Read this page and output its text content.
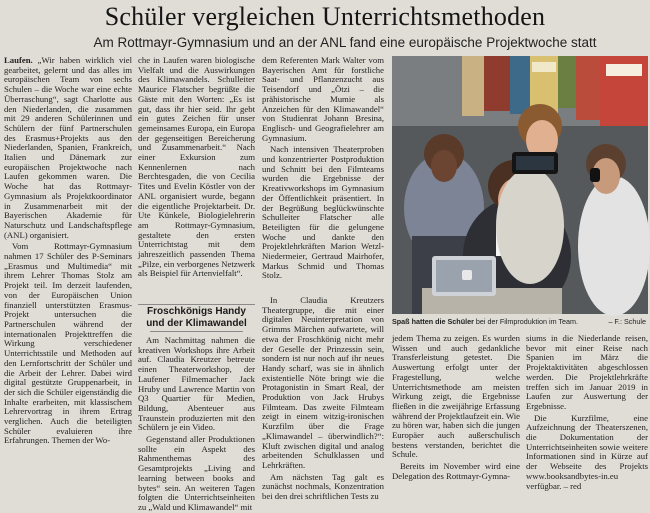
Schüler vergleichen Unterrichtsmethoden
Am Rottmayr-Gymnasium und an der ANL fand eine europäische Projektwoche statt

Laufen. „Wir haben wirklich viel gearbeitet, gelernt und das alles im europäischen Team von sechs Schulen – die Woche war eine echte Überraschung“, sagt Charlotte aus den Niederlanden, die zusammen mit 29 anderen Schülerinnen und Schülern der fünf Partnerschulen des Erasmus+Projekts aus den Niederlanden, Spanien, Frankreich, Italien und Dänemark zur europäischen Projektwoche nach Laufen gekommen waren. Die Woche hat das Rottmayr-Gymnasium als Projektkoordinator in Zusammenarbeit mit der Bayerischen Akademie für Naturschutz und Landschaftspflege (ANL) organisiert.

Vom Rottmayr-Gymnasium nahmen 17 Schüler des P-Seminars „Erasmus und Multimedia“ mit ihrem Lehrer Thomas Stolz am Projekt teil. Im derzeit laufenden, von der Europäischen Union finanziell unterstützten Erasmus-Projekt untersuchen die Partnerschulen während der internationalen Projekttreffen die Wirkung verschiedener Unterrichtsstile und Methoden auf den Lernfortschritt der Schüler und die Arbeit der Lehrer. Dabei wird digital gestützte Gruppenarbeit, in der sich die Schüler eigenständig die Inhalte erarbeiten, mit klassischem Lehrervortrag in ihrem Ertrag verglichen. Auch die beteiligten Schüler evaluieren ihre Erfahrungen. Themen der Wo-

che in Laufen waren biologische Vielfalt und die Auswirkungen des Klimawandels. Schulleiter Maurice Flatscher begrüßte die Gäste mit den Worten: „Es ist gut, dass ihr hier seid. Ihr gebt ein gutes Zeichen für unser gemeinsames Europa, ein Europa der gegenseitigen Bereicherung und Zusammenarbeit.“ Nach einer Exkursion zum Kennenlernen nach Berchtesgaden, die von Cecilia Tites und Evelin Köstler von der ANL organisiert wurde, begann die eigentliche Projektarbeit. Dr. Ute Künkele, Biologielehrerin am Rottmayr-Gymnasium, gestaltete den ersten Unterrichtstag mit dem jahreszeitlich passenden Thema „Pilze, ein verborgenes Netzwerk als Beispiel für Artenvielfalt“.

Froschkönigs Handy und der Klimawandel

Am Nachmittag nahmen die kreativen Workshops ihre Arbeit auf. Claudia Kreutzer betreute einen Theaterworkshop, der Laufener Filmemacher Jack Hruby und Lawrence Martin von Q3 Quartier für Medien, Bildung, Abenteuer aus Traunstein produzierten mit den Schülern je ein Video.

Gegenstand aller Produktionen sollte ein Aspekt des Rahmenthemas des Gesamtprojekts „Living and learning between books and bytes“ sein. An weiteren Tagen folgten die Unterrichtseinheiten zu „Wald und Klimawandel“ mit

dem Referenten Mark Walter vom Bayerischen Amt für forstliche Saat- und Pflanzenzucht aus Teisendorf und „Ötzi – die prähistorische Mumie als Anzeichen für den Klimawandel“ von Studienrat Johann Bresina, Englisch- und Geografielehrer am Gymnasium.

Nach intensiven Theaterproben und konzentrierter Postproduktion und Schnitt bei den Filmteams wurden die Ergebnisse der Kreativworkshops im Gymnasium der Öffentlichkeit präsentiert. In der Begrüßung beglückwünschte Schulleiter Flatscher alle Beteiligten für die gelungene Woche und dankte den Projektlehrkräften Marion Wetzl-Niedermeier, Gertraud Mairhofer, Markus Schmid und Thomas Stolz.

In Claudia Kreutzers Theatergruppe, die mit einer digitalen Neuinterpretation von Grimms Märchen aufwartete, will etwa der Froschkönig nicht mehr der Geselle der Prinzessin sein, sondern ist nur noch auf ihr neues Handy scharf, was sie in ähnlich existentielle Nöte bringt wie die Protagonistin in Smart Real, der Produktion von Jack Hrubys Filmteam. Das zweite Filmteam zeigt in einem witzig-ironischen Kurzfilm über die Frage „Klimawandel – überwindlich?“: Kluft zwischen digital und analog arbeitenden Schulklassen und Lehrkräften.

Am nächsten Tag galt es zunächst nochmals, Konzentration bei den drei schriftlichen Tests zu

Spaß hatten die Schüler bei der Filmproduktion im Team.	– F.: Schule

jedem Thema zu zeigen. Es wurden Wissen und auch gedankliche Transferleistung getestet. Die Auswertung erfolgt unter der Fragestellung, welche Unterrichtsmethode am meisten Wirkung zeigt, die Ergebnisse fließen in die zweijährige Erfassung während der Projektlaufzeit ein. Wie zu hören war, haben sich die jungen Europäer auch außerschulisch bestens verstanden, berichtet die Schule.

Bereits im November wird eine Delegation des Rottmayr-Gymna-

siums in die Niederlande reisen, bevor mit einer Reise nach Spanien im März die Projektaktivitäten abgeschlossen werden. Die Projektlehrkräfte treffen sich im Januar 2019 in Laufen zur Auswertung der Ergebnisse.

Die Kurzfilme, eine Aufzeichnung der Theaterszenen, die Dokumentation der Unterrichtseinheiten sowie weitere Informationen sind in Kürze auf der Webseite des Projekts www.booksandbytes-in.eu verfügbar. – red
